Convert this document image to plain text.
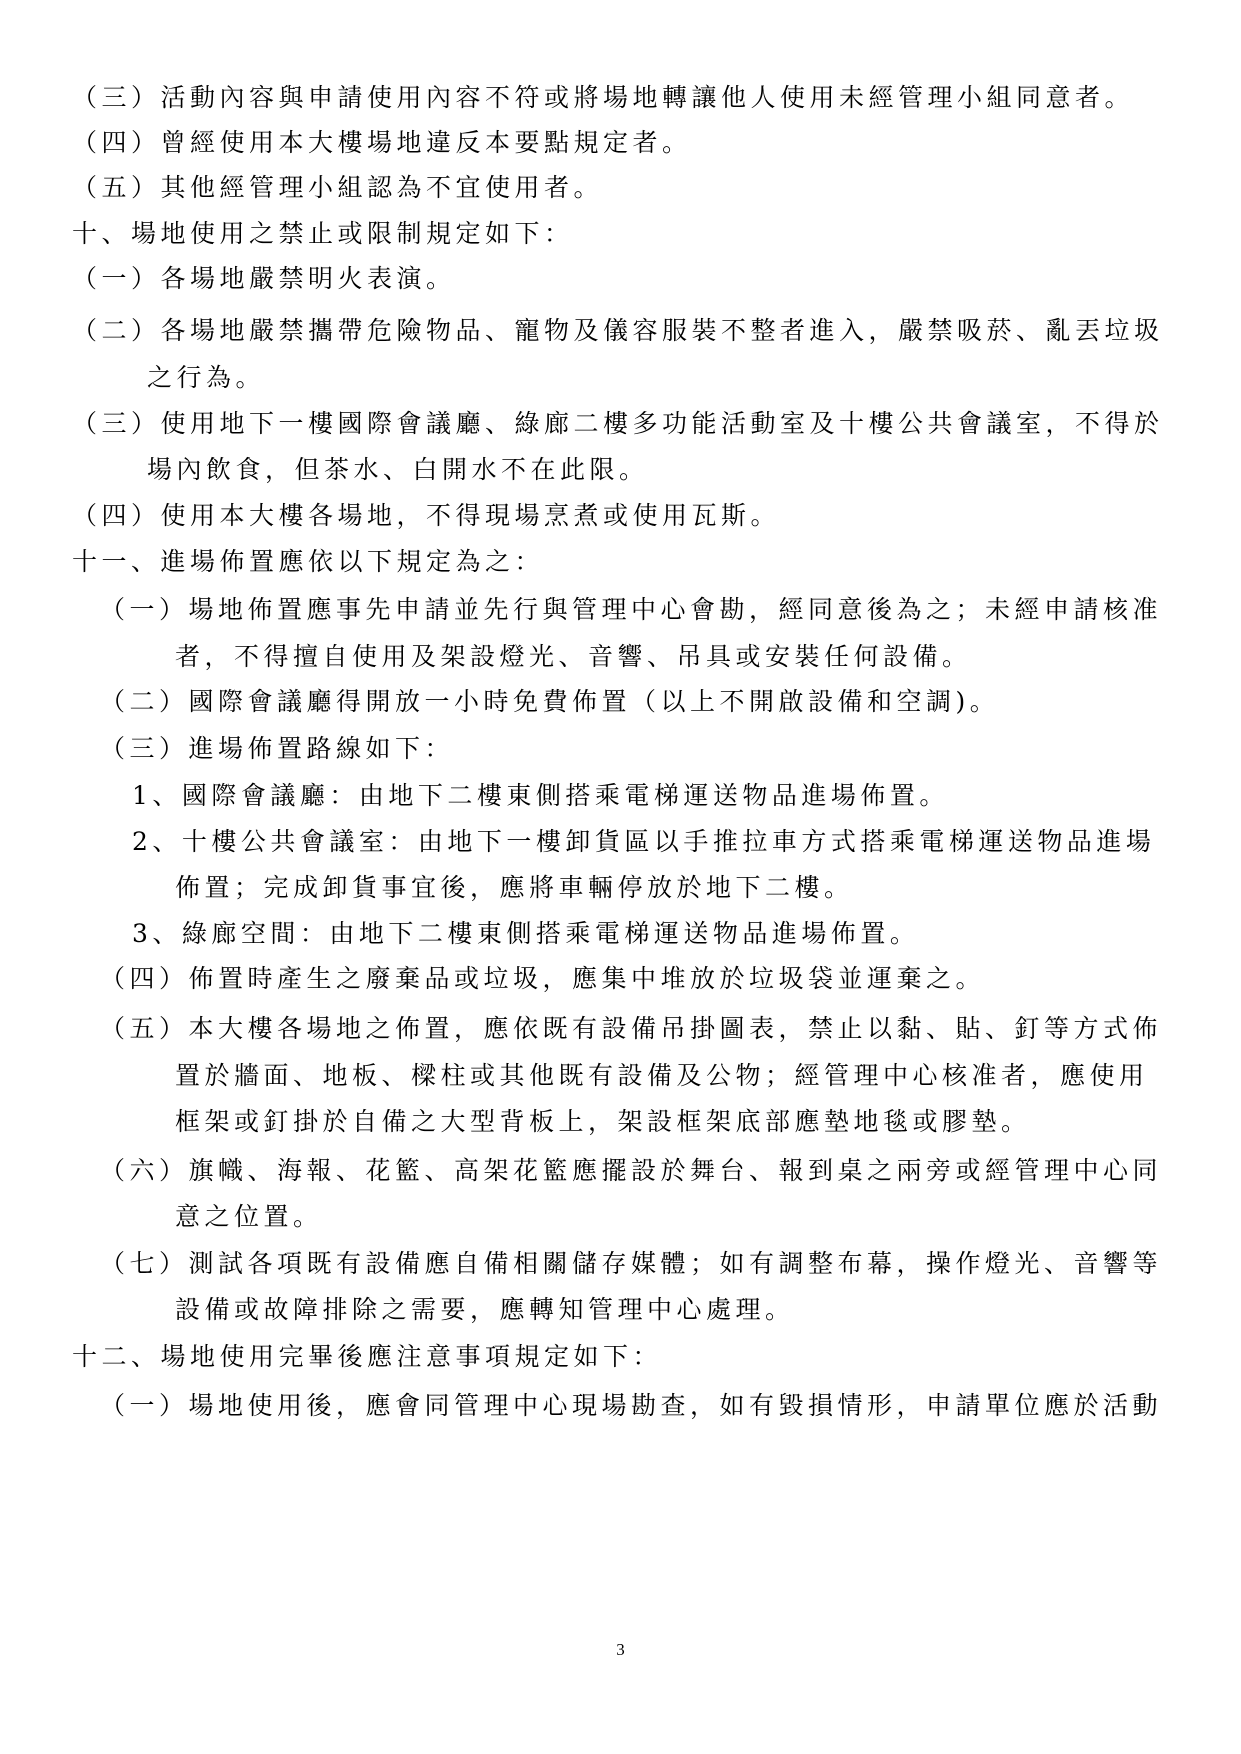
（三）活動內容與申請使用內容不符或將場地轉讓他人使用未經管理小組同意者。
（四）曾經使用本大樓場地違反本要點規定者。
（五）其他經管理小組認為不宜使用者。
十、場地使用之禁止或限制規定如下：
（一）各場地嚴禁明火表演。
（二）各場地嚴禁攜帶危險物品、寵物及儀容服裝不整者進入，嚴禁吸菸、亂丟垃圾
之行為。
（三）使用地下一樓國際會議廳、綠廊二樓多功能活動室及十樓公共會議室，不得於
場內飲食，但茶水、白開水不在此限。
（四）使用本大樓各場地，不得現場烹煮或使用瓦斯。
十一、進場佈置應依以下規定為之：
（一）場地佈置應事先申請並先行與管理中心會勘，經同意後為之；未經申請核准
者，不得擅自使用及架設燈光、音響、吊具或安裝任何設備。
（二）國際會議廳得開放一小時免費佈置（以上不開啟設備和空調)。
（三）進場佈置路線如下：
1、國際會議廳：由地下二樓東側搭乘電梯運送物品進場佈置。
2、十樓公共會議室：由地下一樓卸貨區以手推拉車方式搭乘電梯運送物品進場
佈置；完成卸貨事宜後，應將車輛停放於地下二樓。
3、綠廊空間：由地下二樓東側搭乘電梯運送物品進場佈置。
（四）佈置時產生之廢棄品或垃圾，應集中堆放於垃圾袋並運棄之。
（五）本大樓各場地之佈置，應依既有設備吊掛圖表，禁止以黏、貼、釘等方式佈
置於牆面、地板、樑柱或其他既有設備及公物；經管理中心核准者，應使用
框架或釘掛於自備之大型背板上，架設框架底部應墊地毯或膠墊。
（六）旗幟、海報、花籃、高架花籃應擺設於舞台、報到桌之兩旁或經管理中心同
意之位置。
（七）測試各項既有設備應自備相關儲存媒體；如有調整布幕，操作燈光、音響等
設備或故障排除之需要，應轉知管理中心處理。
十二、場地使用完畢後應注意事項規定如下：
（一）場地使用後，應會同管理中心現場勘查，如有毀損情形，申請單位應於活動
3
